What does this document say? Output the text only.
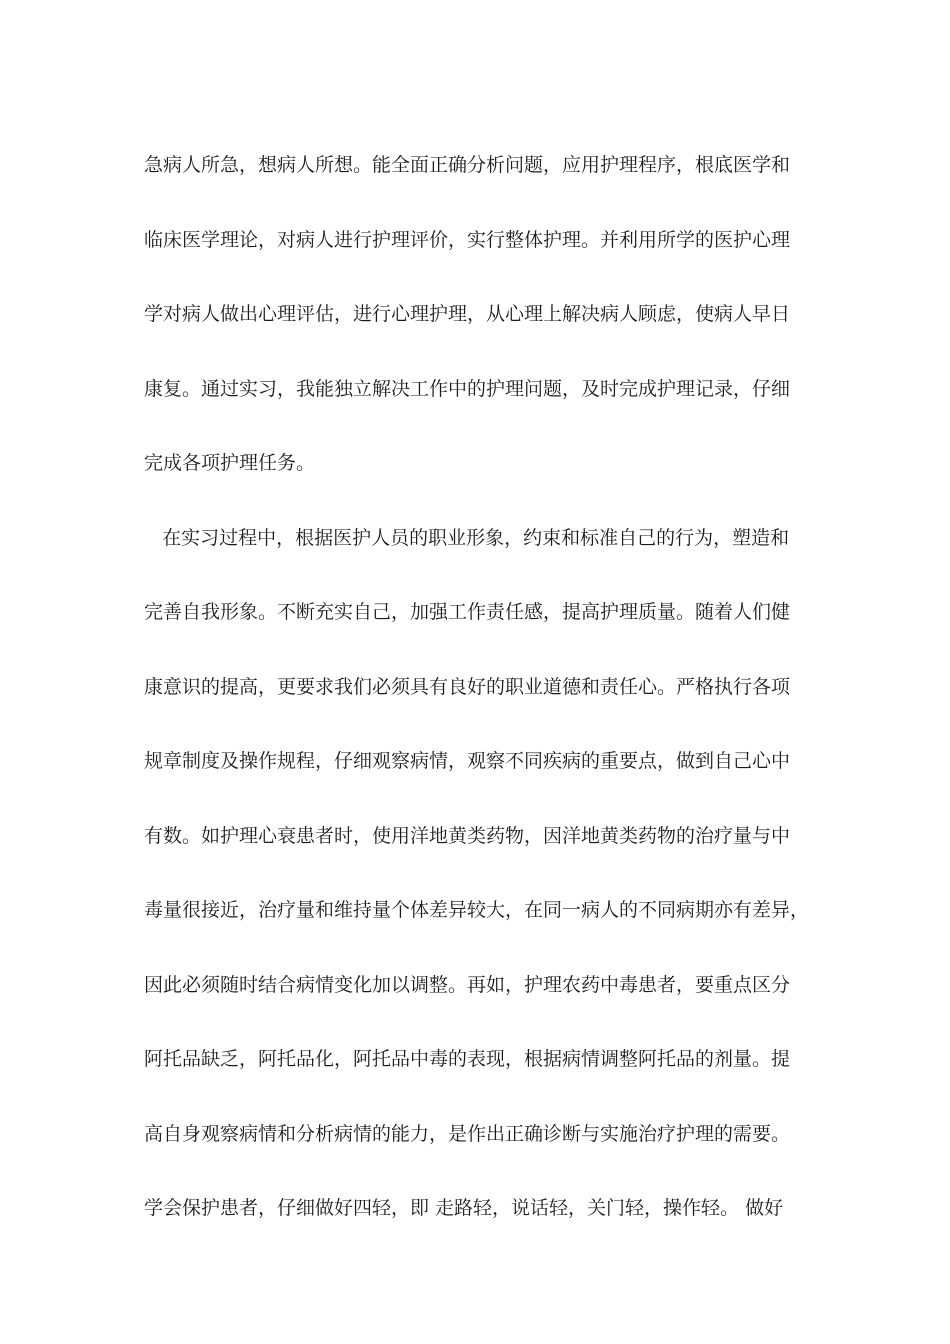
急病人所急，想病人所想。能全面正确分析问题，应用护理程序，根底医学和
临床医学理论，对病人进行护理评价，实行整体护理。并利用所学的医护心理
学对病人做出心理评估，进行心理护理，从心理上解决病人顾虑，使病人早日
康复。通过实习，我能独立解决工作中的护理问题，及时完成护理记录，仔细
完成各项护理任务。
在实习过程中，根据医护人员的职业形象，约束和标准自己的行为，塑造和
完善自我形象。不断充实自己，加强工作责任感，提高护理质量。随着人们健
康意识的提高，更要求我们必须具有良好的职业道德和责任心。严格执行各项
规章制度及操作规程，仔细观察病情，观察不同疾病的重要点，做到自己心中
有数。如护理心衰患者时，使用洋地黄类药物，因洋地黄类药物的治疗量与中
毒量很接近，治疗量和维持量个体差异较大，在同一病人的不同病期亦有差异，
因此必须随时结合病情变化加以调整。再如，护理农药中毒患者，要重点区分
阿托品缺乏，阿托品化，阿托品中毒的表现，根据病情调整阿托品的剂量。提
高自身观察病情和分析病情的能力，是作出正确诊断与实施治疗护理的需要。
学会保护患者，仔细做好四轻，即 走路轻，说话轻，关门轻，操作轻。 做好
